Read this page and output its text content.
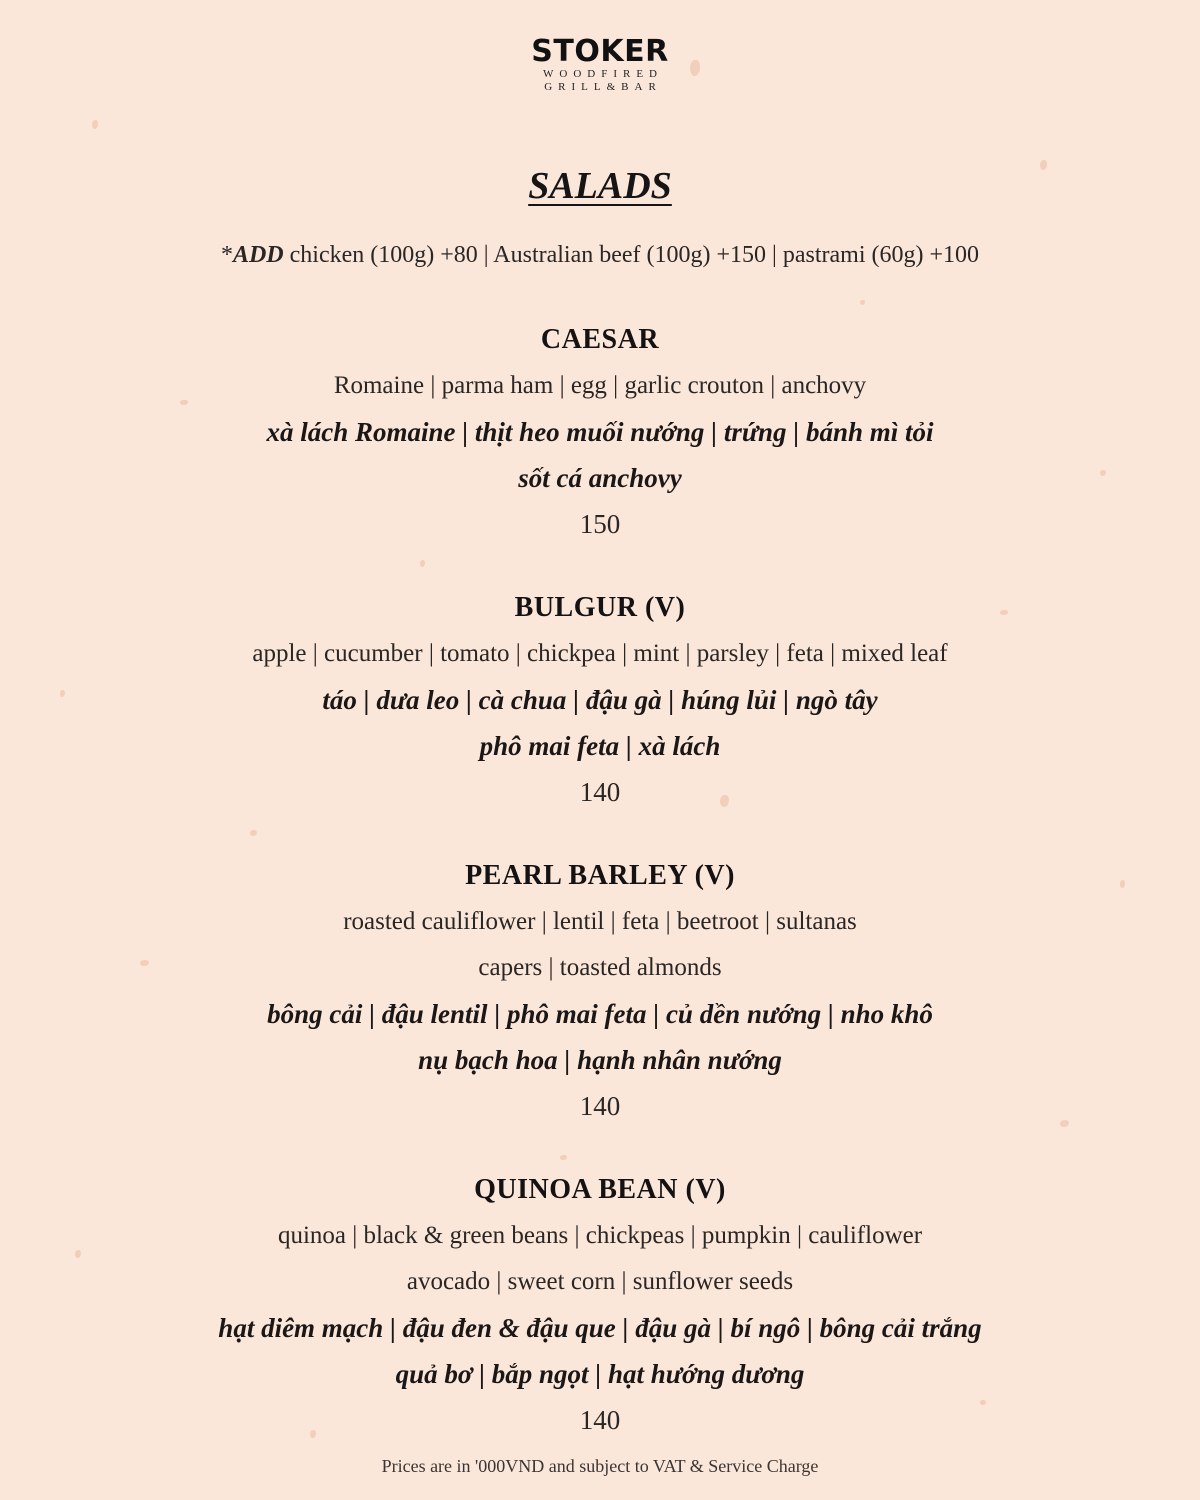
STOKER
WOODFIRED
GRILL&BAR
SALADS
*ADD chicken (100g) +80 | Australian beef (100g) +150 | pastrami (60g) +100
CAESAR
Romaine | parma ham | egg | garlic crouton | anchovy
xà lách Romaine | thịt heo muối nướng | trứng | bánh mì tỏi
sốt cá anchovy
150
BULGUR (V)
apple | cucumber | tomato | chickpea | mint | parsley | feta | mixed leaf
táo | dưa leo | cà chua | đậu gà | húng lủi | ngò tây
phô mai feta | xà lách
140
PEARL BARLEY (V)
roasted cauliflower | lentil | feta | beetroot | sultanas
capers | toasted almonds
bông cải | đậu lentil | phô mai feta | củ dền nướng | nho khô
nụ bạch hoa | hạnh nhân nướng
140
QUINOA BEAN (V)
quinoa | black & green beans | chickpeas | pumpkin | cauliflower
avocado | sweet corn | sunflower seeds
hạt diêm mạch | đậu đen & đậu que | đậu gà | bí ngô | bông cải trắng
quả bơ | bắp ngọt | hạt hướng dương
140
Prices are in '000VND and subject to VAT & Service Charge
